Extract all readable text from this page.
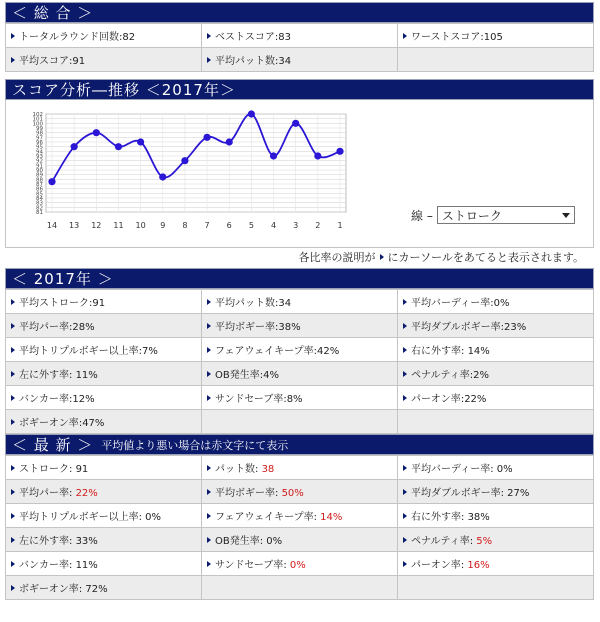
＜ 総 合 ＞
トータルラウンド回数:82	ベストスコア:83	ワーストスコア:105
平均スコア:91	平均パット数:34	
スコア分析―推移 ＜2017年＞
81
82
83
84
85
86
87
88
89
90
91
92
93
94
95
96
97
98
99
100
101
102
14 13 12 11 10 9 8 7 6 5 4 3 2 1
線 – ストローク
各比率の説明が にカーソールをあてると表示されます。
＜ 2017年 ＞
平均ストローク:91	平均パット数:34	平均バーディー率:0%
平均パー率:28%	平均ボギー率:38%	平均ダブルボギー率:23%
平均トリプルボギー以上率:7%	フェアウェイキープ率:42%	右に外す率: 14%
左に外す率: 11%	OB発生率:4%	ペナルティ率:2%
バンカー率:12%	サンドセーブ率:8%	パーオン率:22%
ボギーオン率:47%		
＜ 最 新 ＞ 平均値より悪い場合は赤文字にて表示
ストローク: 91	パット数: 38	平均バーディー率: 0%
平均パー率: 22%	平均ボギー率: 50%	平均ダブルボギー率: 27%
平均トリプルボギー以上率: 0%	フェアウェイキープ率: 14%	右に外す率: 38%
左に外す率: 33%	OB発生率: 0%	ペナルティ率: 5%
バンカー率: 11%	サンドセーブ率: 0%	パーオン率: 16%
ボギーオン率: 72%		
